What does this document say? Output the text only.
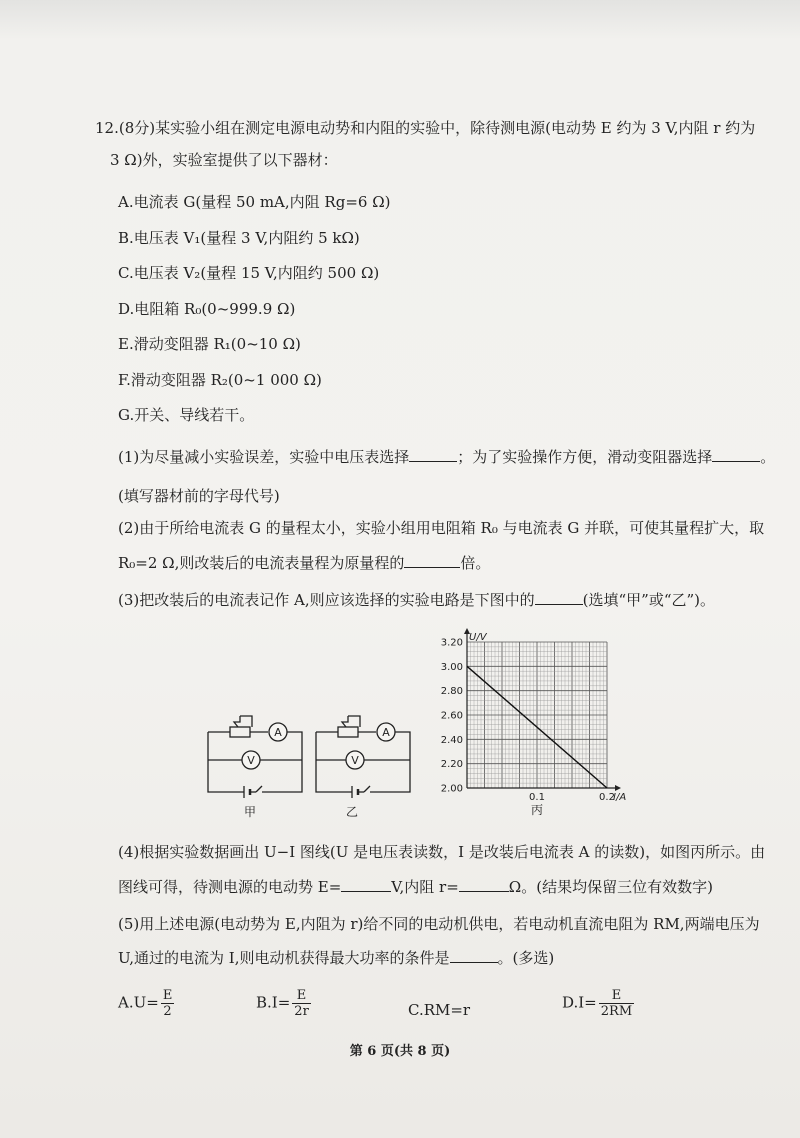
12.(8分)某实验小组在测定电源电动势和内阻的实验中，除待测电源(电动势 E 约为 3 V,内阻 r 约为
3 Ω)外，实验室提供了以下器材：
A.电流表 G(量程 50 mA,内阻 Rg=6 Ω)
B.电压表 V₁(量程 3 V,内阻约 5 kΩ)
C.电压表 V₂(量程 15 V,内阻约 500 Ω)
D.电阻箱 R₀(0~999.9 Ω)
E.滑动变阻器 R₁(0~10 Ω)
F.滑动变阻器 R₂(0~1 000 Ω)
G.开关、导线若干。
(1)为尽量减小实验误差，实验中电压表选择	；为了实验操作方便，滑动变阻器选择	。
(填写器材前的字母代号)
(2)由于所给电流表 G 的量程太小，实验小组用电阻箱 R₀ 与电流表 G 并联，可使其量程扩大，取
R₀=2 Ω,则改装后的电流表量程为原量程的	倍。
(3)把改装后的电流表记作 A,则应该选择的实验电路是下图中的	(选填“甲”或“乙”)。
A
V
甲
A
V
乙
2.00
2.20
2.40
2.60
2.80
3.00
3.20
0.1	0.2
U/V
I/A
丙
(4)根据实验数据画出 U−I 图线(U 是电压表读数，I 是改装后电流表 A 的读数)，如图丙所示。由
图线可得，待测电源的电动势 E=	V,内阻 r=	Ω。(结果均保留三位有效数字)
(5)用上述电源(电动势为 E,内阻为 r)给不同的电动机供电，若电动机直流电阻为 RM,两端电压为
U,通过的电流为 I,则电动机获得最大功率的条件是	。(多选)
$A.U= \frac{E}{2}$	$B.I= \frac{E}{2r}$	C.RM=r	$D.I= \frac{E}{2RM}$
第 6 页(共 8 页)
